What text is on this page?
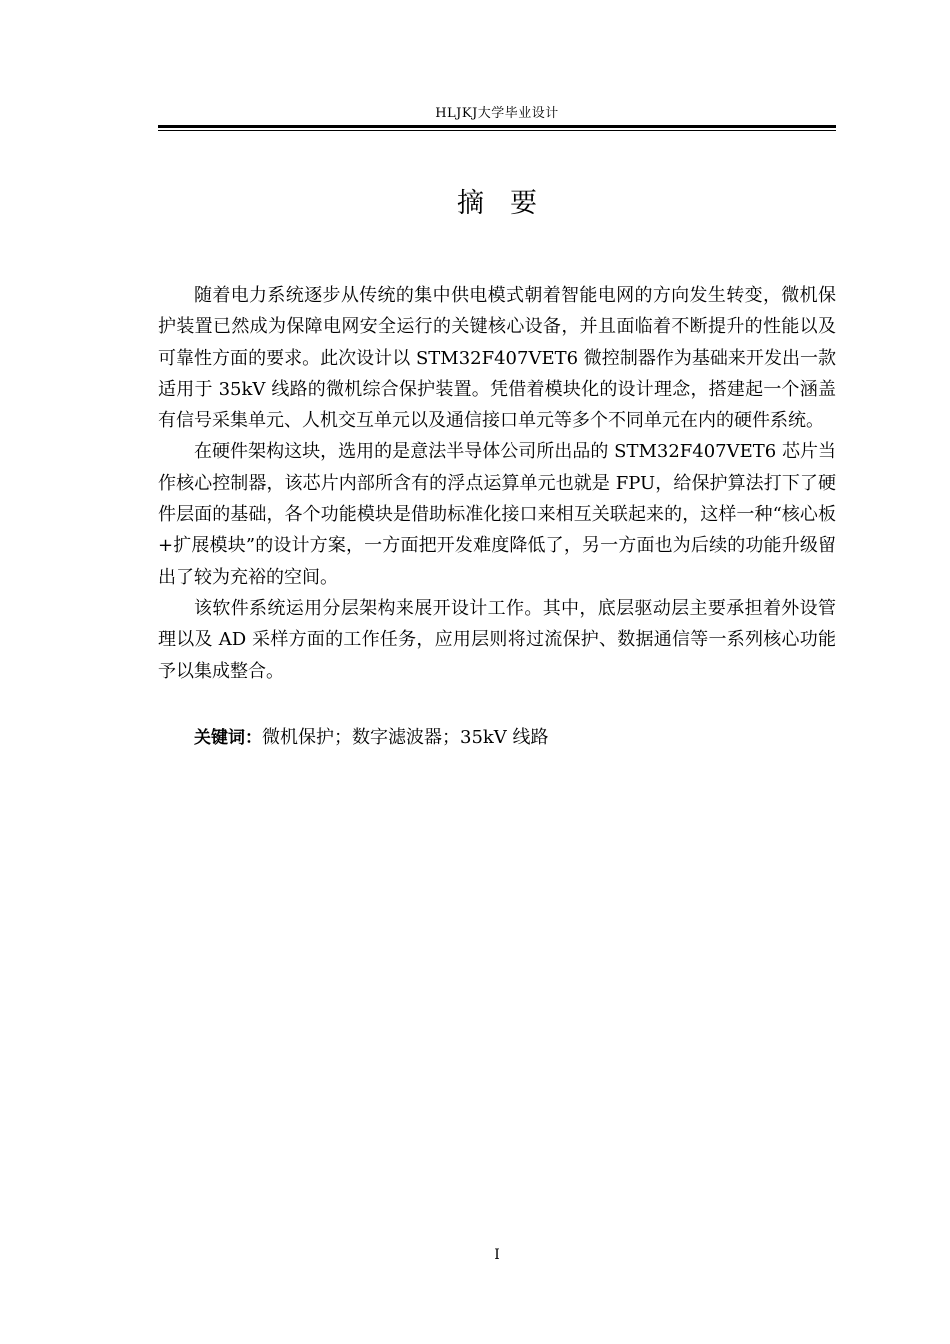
HLJKJ大学毕业设计
摘要

随着电力系统逐步从传统的集中供电模式朝着智能电网的方向发生转变，微机保护装置已然成为保障电网安全运行的关键核心设备，并且面临着不断提升的性能以及可靠性方面的要求。此次设计以 STM32F407VET6 微控制器作为基础来开发出一款适用于 35kV 线路的微机综合保护装置。凭借着模块化的设计理念，搭建起一个涵盖有信号采集单元、人机交互单元以及通信接口单元等多个不同单元在内的硬件系统。

在硬件架构这块，选用的是意法半导体公司所出品的 STM32F407VET6 芯片当作核心控制器，该芯片内部所含有的浮点运算单元也就是 FPU，给保护算法打下了硬件层面的基础，各个功能模块是借助标准化接口来相互关联起来的，这样一种“核心板+扩展模块”的设计方案，一方面把开发难度降低了，另一方面也为后续的功能升级留出了较为充裕的空间。

该软件系统运用分层架构来展开设计工作。其中，底层驱动层主要承担着外设管理以及 AD 采样方面的工作任务，应用层则将过流保护、数据通信等一系列核心功能予以集成整合。

关键词：微机保护；数字滤波器；35kV 线路
I
